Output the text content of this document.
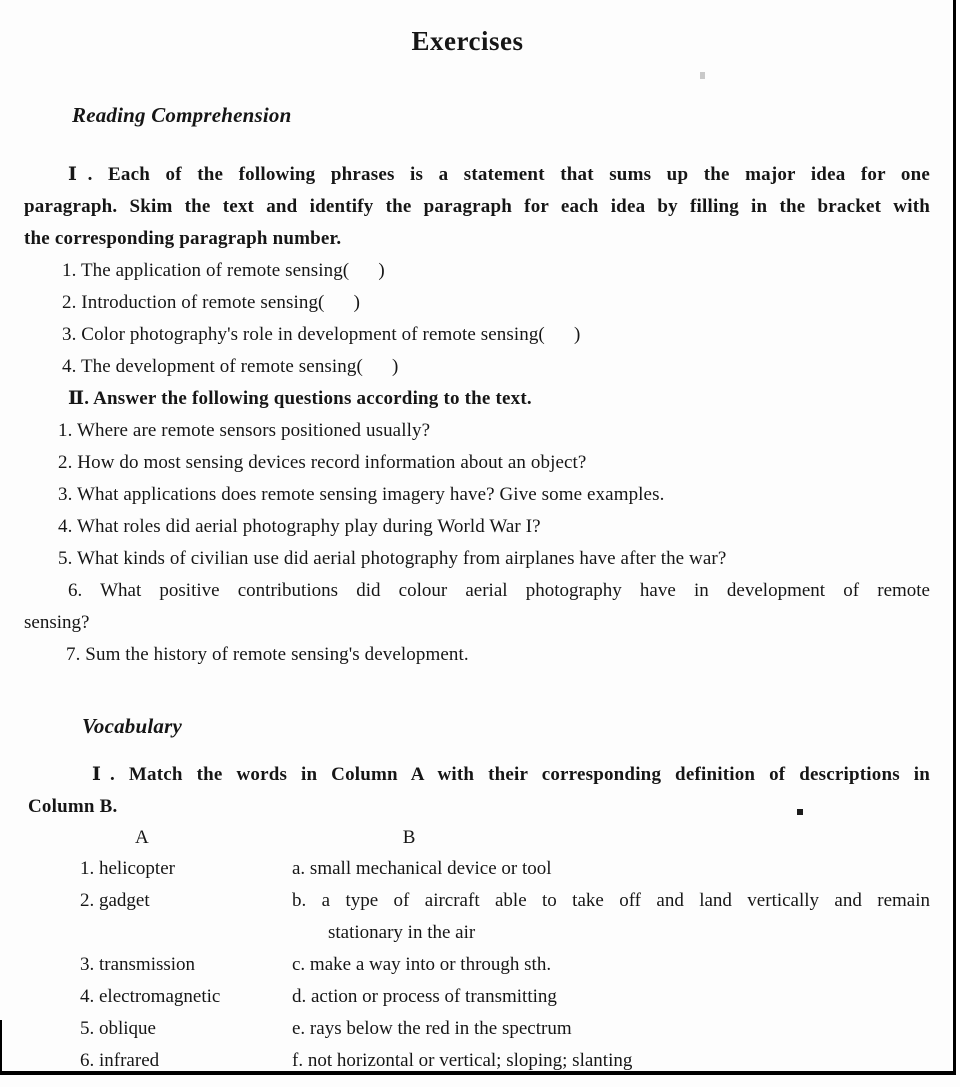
Exercises
Reading Comprehension
Ⅰ. Each of the following phrases is a statement that sums up the major idea for one
paragraph. Skim the text and identify the paragraph for each idea by filling in the bracket with
the corresponding paragraph number.
1. The application of remote sensing(      )
2. Introduction of remote sensing(      )
3. Color photography's role in development of remote sensing(      )
4. The development of remote sensing(      )
Ⅱ. Answer the following questions according to the text.
1. Where are remote sensors positioned usually?
2. How do most sensing devices record information about an object?
3. What applications does remote sensing imagery have? Give some examples.
4. What roles did aerial photography play during World War I?
5. What kinds of civilian use did aerial photography from airplanes have after the war?
6. What positive contributions did colour aerial photography have in development of remote
sensing?
7. Sum the history of remote sensing's development.
Vocabulary
Ⅰ. Match the words in Column A with their corresponding definition of descriptions in
Column B.
A	B
1. helicopter	a. small mechanical device or tool
2. gadget	b. a type of aircraft able to take off and land vertically and remain
stationary in the air
3. transmission	c. make a way into or through sth.
4. electromagnetic	d. action or process of transmitting
5. oblique	e. rays below the red in the spectrum
6. infrared	f. not horizontal or vertical; sloping; slanting
